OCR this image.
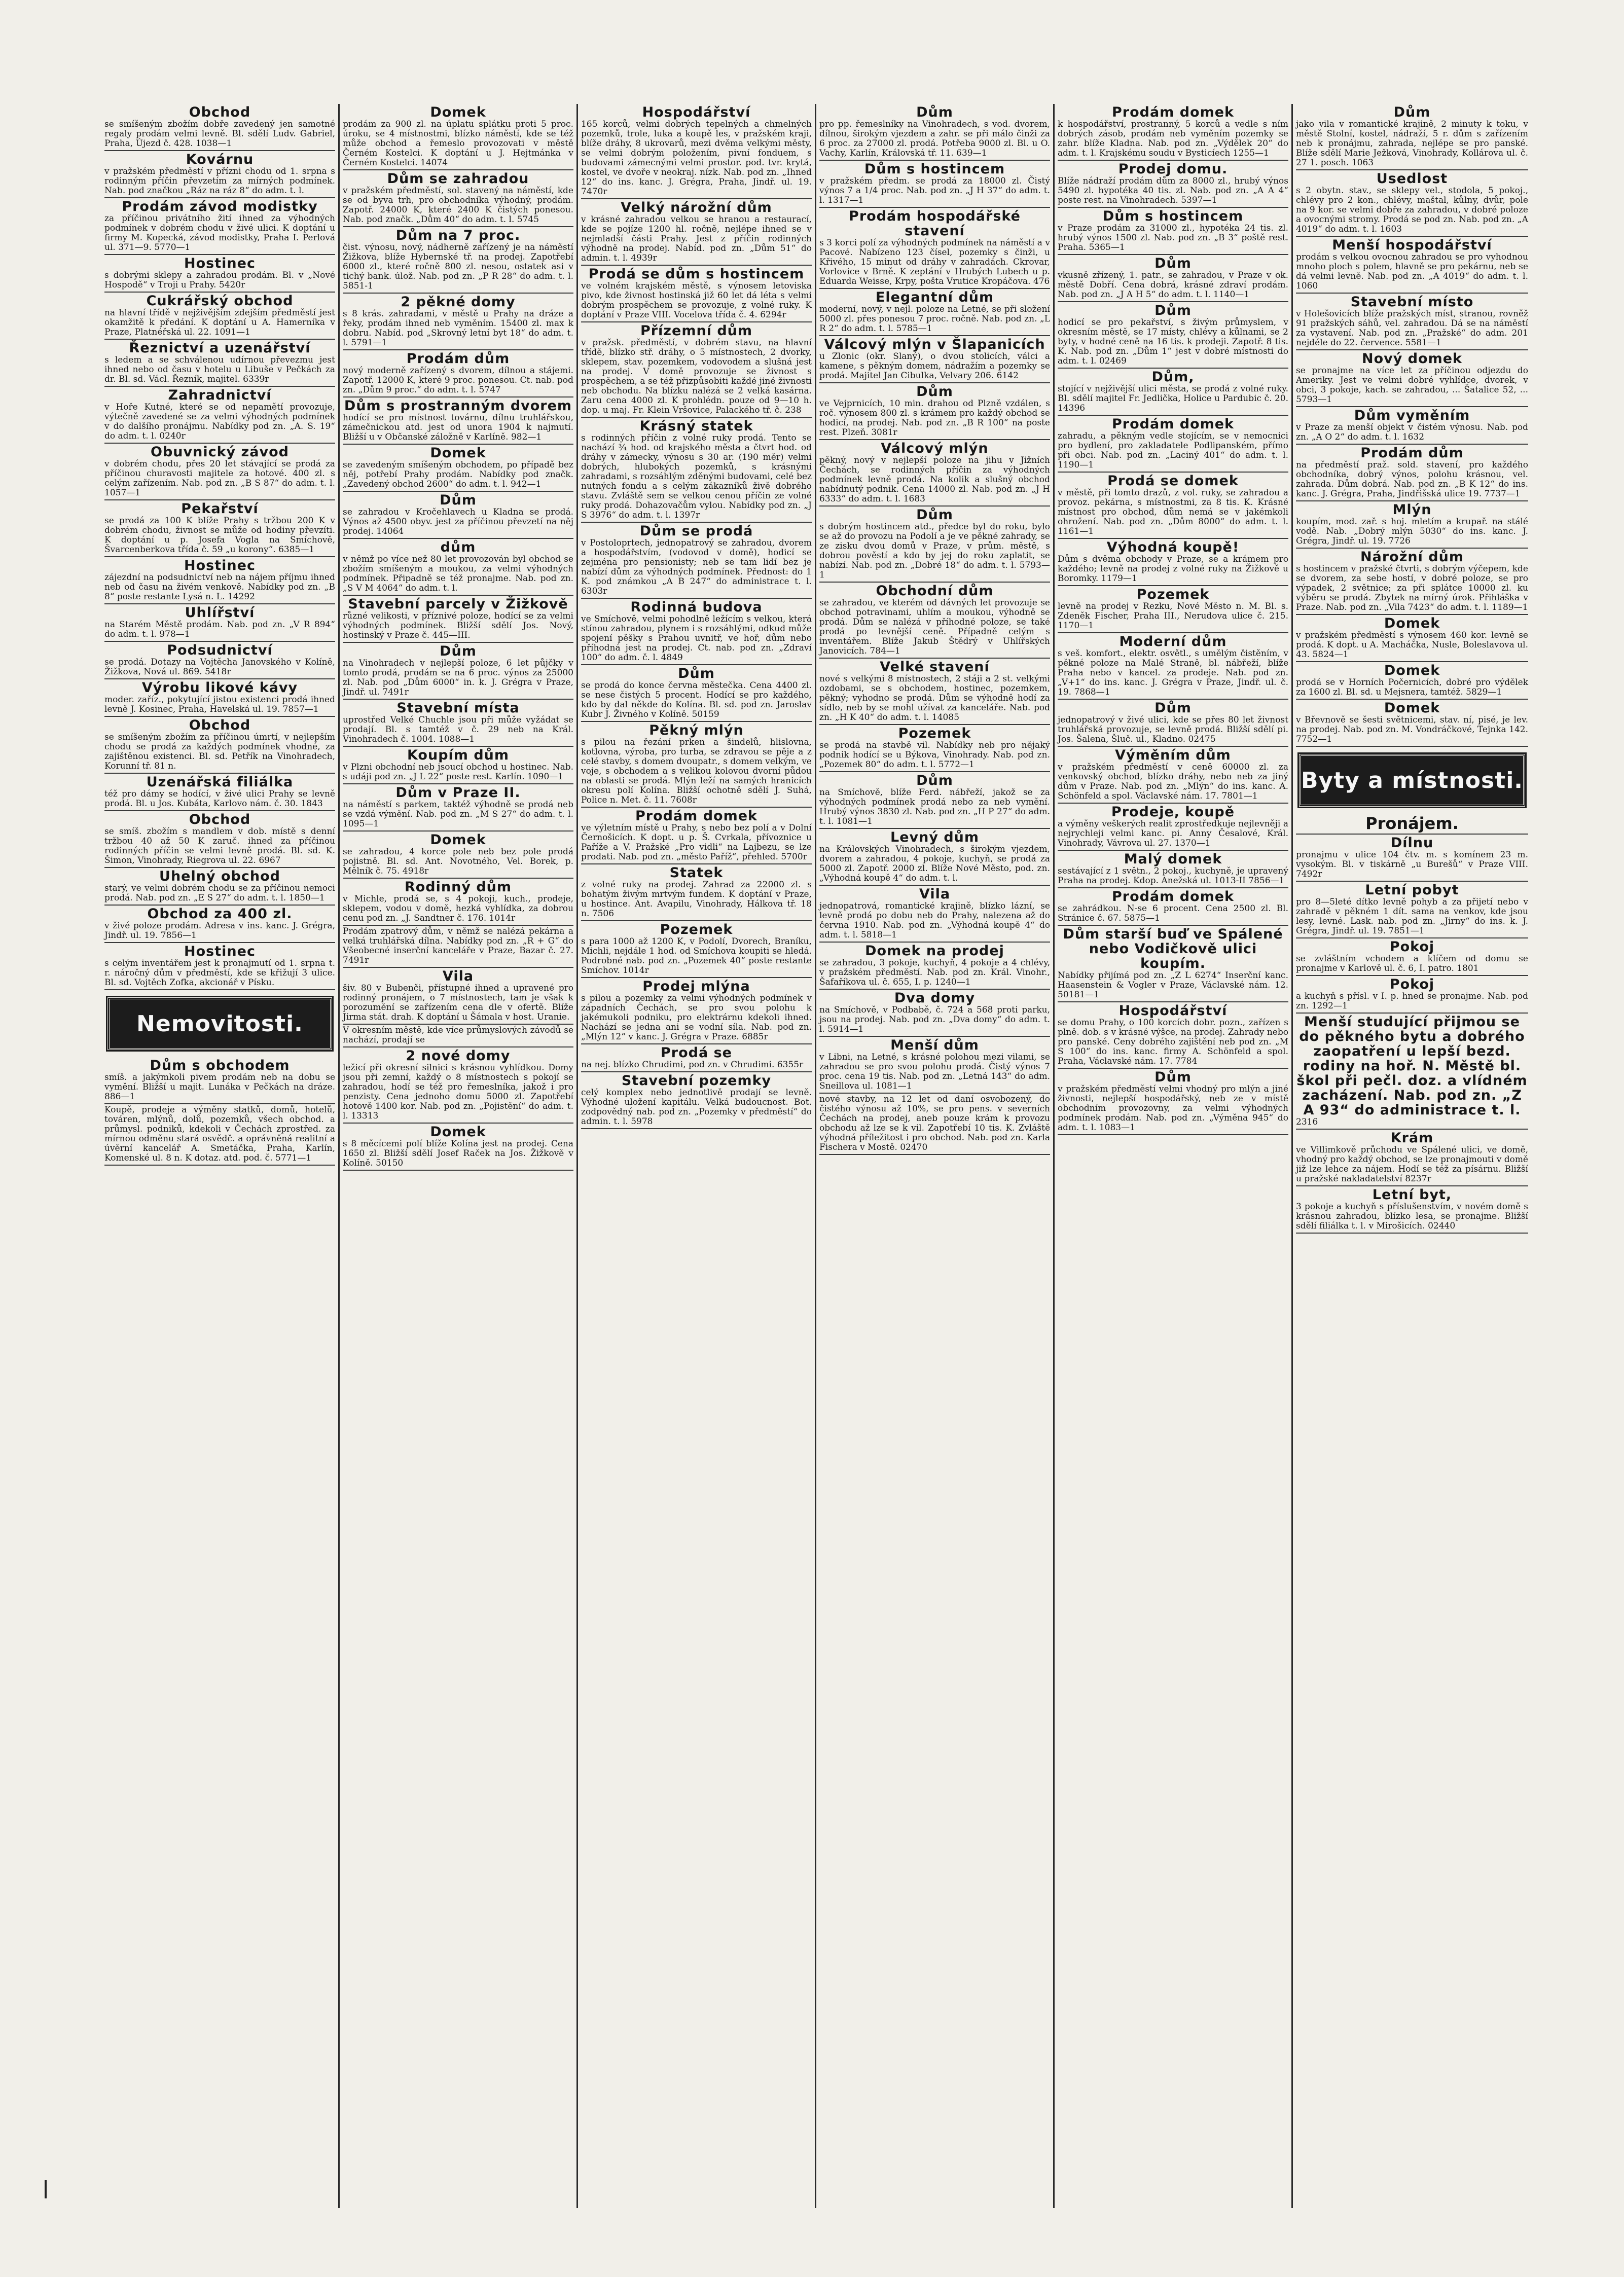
Obchod

se smíšeným zbožím dobře zavedený jen samotné regaly prodám velmi levně. Bl. sdělí Ludv. Gabriel, Praha, Újezd č. 428. 1038—1

Kovárnu

v pražském předměstí v přízni chodu od 1. srpna s rodinným příčin převzetím za mírných podmínek. Nab. pod značkou „Ráz na ráz 8“ do adm. t. l.

Prodám závod modistky

za příčinou privátního žití ihned za výhodných podmínek v dobrém chodu v živé ulici. K doptání u firmy M. Kopecká, závod modistky, Praha I. Perlová ul. 371—9. 5770—1

Hostinec

s dobrými sklepy a zahradou prodám. Bl. v „Nové Hospodě“ v Troji u Prahy. 5420r

Cukrářský obchod

na hlavní třídě v nejživějším zdejším předměstí jest okamžitě k předání. K doptání u A. Hamerníka v Praze, Platnéřská ul. 22. 1091—1

Řeznictví a uzenářství

s ledem a se schválenou udírnou převezmu jest ihned nebo od času v hotelu u Libuše v Pečkách za dr. Bl. sd. Václ. Řezník, majitel. 6339r

Zahradnictví

v Hoře Kutné, které se od nepamětí provozuje, výtečně zavedené se za velmi výhodných podmínek v do dalšího pronájmu. Nabídky pod zn. „A. S. 19“ do adm. t. l. 0240r

Obuvnický závod

v dobrém chodu, přes 20 let stávající se prodá za příčinou churavosti majitele za hotové. 400 zl. s celým zařízením. Nab. pod zn. „B S 87“ do adm. t. l. 1057—1

Pekařství

se prodá za 100 K blíže Prahy s tržbou 200 K v dobrém chodu, živnost se může od hodiny převzíti. K doptání u p. Josefa Vogla na Smíchově, Švarcenberkova třída č. 59 „u korony“. 6385—1

Hostinec

zájezdní na podsudnictví neb na nájem příjmu ihned neb od času na živém venkově. Nabídky pod zn. „B 8“ poste restante Lysá n. L. 14292

Uhlířství

na Starém Městě prodám. Nab. pod zn. „V R 894“ do adm. t. l. 978—1

Podsudnictví

se prodá. Dotazy na Vojtěcha Janovského v Kolíně, Žižkova, Nová ul. 869. 5418r

Výrobu likové kávy

moder. zaříz., pokytující jistou existenci prodá ihned levně J. Kosinec, Praha, Havelská ul. 19. 7857—1

Obchod

se smíšeným zbožím za příčinou úmrtí, v nejlepším chodu se prodá za každých podmínek vhodné, za zajištěnou existenci. Bl. sd. Petřík na Vinohradech, Korunní tř. 81 n.

Uzenářská filiálka

též pro dámy se hodící, v živé ulici Prahy se levně prodá. Bl. u Jos. Kubáta, Karlovo nám. č. 30. 1843

Obchod

se smíš. zbožím s mandlem v dob. místě s denní tržbou 40 až 50 K zaruč. ihned za příčinou rodinných příčin se velmi levně prodá. Bl. sd. K. Šimon, Vinohrady, Riegrova ul. 22. 6967

Uhelný obchod

starý, ve velmi dobrém chodu se za příčinou nemoci prodá. Nab. pod zn. „E S 27“ do adm. t. l. 1850—1

Obchod za 400 zl.

v živé poloze prodám. Adresa v ins. kanc. J. Grégra, Jindř. ul. 19. 7856—1

Hostinec

s celým inventářem jest k pronajmutí od 1. srpna t. r. náročný dům v předměstí, kde se křižují 3 ulice. Bl. sd. Vojtěch Zofka, akcionář v Písku.

Nemovitosti.
Dům s obchodem

smíš. a jakýmkoli pivem prodám neb na dobu se vymění. Bližší u majit. Lunáka v Pečkách na dráze. 886—1

Koupě, prodeje a výměny statků, domů, hotelů, továren, mlýnů, dolů, pozemků, všech obchod. a průmysl. podniků, kdekoli v Čechách zprostřed. za mírnou odměnu stará osvědč. a oprávněná realitní a úvěrní kancelář A. Smetáčka, Praha, Karlín, Komenské ul. 8 n. K dotaz. atd. pod. č. 5771—1

Domek

prodám za 900 zl. na úplatu splátku proti 5 proc. úroku, se 4 místnostmi, blízko náměstí, kde se též může obchod a řemeslo provozovati v městě Černém Kostelci. K doptání u J. Hejtmánka v Černém Kostelci. 14074

Dům se zahradou

v pražském předměstí, sol. stavený na náměstí, kde se od byva trh, pro obchodníka výhodný, prodám. Zapotř. 24000 K, které 2400 K čistých ponesou. Nab. pod značk. „Dům 40“ do adm. t. l. 5745

Dům na 7 proc.

čist. výnosu, nový, nádherně zařízený je na náměstí Žižkova, blíže Hybernské tř. na prodej. Zapotřebí 6000 zl., které ročně 800 zl. nesou, ostatek asi v tichý bank. úlož. Nab. pod zn. „P R 28“ do adm. t. l. 5851-1

2 pěkné domy

s 8 krás. zahradami, v městě u Prahy na dráze a řeky, prodám ihned neb vyměním. 15400 zl. max k dobru. Nabíd. pod „Skrovný letní byt 18“ do adm. t. l. 5791—1

Prodám dům

nový moderně zařízený s dvorem, dílnou a stájemi. Zapotř. 12000 K, které 9 proc. ponesou. Ct. nab. pod zn. „Dům 9 proc.“ do adm. t. l. 5747

Dům s prostranným dvorem

hodící se pro místnost továrnu, dílnu truhlářskou, zámečnickou atd. jest od unora 1904 k najmutí. Bližší u v Občanské záložně v Karlíně. 982—1

Domek

se zavedeným smíšeným obchodem, po případě bez něj, potřebí Prahy prodám. Nabídky pod značk. „Zavedený obchod 2600“ do adm. t. l. 942—1

Dům

se zahradou v Kročehlavech u Kladna se prodá. Výnos až 4500 obyv. jest za příčinou převzetí na něj prodej. 14064

dům

v němž po více než 80 let provozován byl obchod se zbožím smíšeným a moukou, za velmi výhodných podmínek. Připadně se též pronajme. Nab. pod zn. „S V M 4064“ do adm. t. l.

Stavební parcely v Žižkově

různé velikosti, v příznivé poloze, hodící se za velmi výhodných podmínek. Bližší sdělí Jos. Nový, hostinský v Praze č. 445—III.

Dům

na Vinohradech v nejlepší poloze, 6 let půjčky v tomto prodá, prodám se na 6 proc. výnos za 25000 zl. Nab. pod „Dům 6000“ in. k. J. Grégra v Praze, Jindř. ul. 7491r

Stavební místa

uprostřed Velké Chuchle jsou při může vyžádat se prodají. Bl. s tamtéž v č. 29 neb na Král. Vinohradech č. 1004. 1088—1

Koupím dům

v Plzni obchodní neb jsoucí obchod u hostinec. Nab. s udáji pod zn. „J L 22“ poste rest. Karlín. 1090—1

Dům v Praze II.

na náměstí s parkem, taktéž výhodně se prodá neb se vzdá výmění. Nab. pod zn. „M S 27“ do adm. t. l. 1095—1

Domek

se zahradou, 4 korce pole neb bez pole prodá pojistně. Bl. sd. Ant. Novotného, Vel. Borek, p. Mělník č. 75. 4918r

Rodinný dům

v Michle, prodá se, s 4 pokoji, kuch., prodeje, sklepem, vodou v domě, hezká vyhlídka, za dobrou cenu pod zn. „J. Sandtner č. 176. 1014r

Prodám zpatrový dům, v němž se nalézá pekárna a velká truhlářská dílna. Nabídky pod zn. „R + G“ do Všeobecné inserční kanceláře v Praze, Bazar č. 27. 7491r

Vila

šiv. 80 v Bubenči, přístupné ihned a upravené pro rodinný pronájem, o 7 místnostech, tam je však k porozumění se zařízením cena dle v ofertě. Blíže Jirma stát. drah. K doptání u Šámala v host. Uranie.

V okresním městě, kde více průmyslových závodů se nachází, prodají se

2 nové domy

ležicí při okresní silnici s krásnou vyhlídkou. Domy jsou při zemní, každý o 8 místnostech s pokojí se zahradou, hodí se též pro řemeslníka, jakož i pro penzisty. Cena jednoho domu 5000 zl. Zapotřebí hotově 1400 kor. Nab. pod zn. „Pojistění“ do adm. t. l. 13313

Domek

s 8 měcícemi polí blíže Kolína jest na prodej. Cena 1650 zl. Bližší sdělí Josef Raček na Jos. Žižkově v Kolíně. 50150

Hospodářství

165 korců, velmi dobrých tepelných a chmelných pozemků, trole, luka a koupě les, v pražském kraji, blíže dráhy, 8 ukrovarů, mezi dvěma velkými městy, se velmi dobrým položením, pivní fonduem, s budovami zámecnými velmi prostor. pod. tvr. krytá, kostel, ve dvoře v neokraj. nízk. Nab. pod zn. „Ihned 12“ do ins. kanc. J. Grégra, Praha, Jindř. ul. 19. 7470r

Velký nárožní dům

v krásné zahradou velkou se hranou a restaurací, kde se pojíze 1200 hl. ročně, nejlépe ihned se v nejmladší části Prahy. Jest z příčin rodinných výhodně na prodej. Nabíd. pod zn. „Dům 51“ do admin. t. l. 4939r

Prodá se dům s hostincem

ve volném krajském městě, s výnosem letoviska pivo, kde živnost hostinská již 60 let dá léta s velmi dobrým prospěchem se provozuje, z volné ruky. K doptání v Praze VIII. Vocelova třída č. 4. 6294r

Přízemní dům

v pražsk. předměstí, v dobrém stavu, na hlavní třídě, blízko stř. dráhy, o 5 místnostech, 2 dvorky, sklepem, stav. pozemkem, vodovodem a slušná jest na prodej. V domě provozuje se živnost s prospěchem, a se též přizpůsobiti každé jiné živnosti neb obchodu. Na blízku nalézá se 2 velká kasárna. Zaru cena 4000 zl. K prohlédn. pouze od 9—10 h. dop. u maj. Fr. Klein Vršovice, Palackého tř. č. 238

Krásný statek

s rodinných příčin z volné ruky prodá. Tento se nachází ¾ hod. od krajského města a čtvrt hod. od dráhy v zámecky, výnosu s 30 ar. (190 měr) velmi dobrých, hlubokých pozemků, s krásnými zahradami, s rozsáhlým zděnými budovami, celé bez nutných fondu a s celým zákazníků živě dobrého stavu. Zvláště sem se velkou cenou příčin ze volné ruky prodá. Dohazovačům vylou. Nabídky pod zn. „J S 3976“ do adm. t. l. 1397r

Dům se prodá

v Postoloprtech, jednopatrový se zahradou, dvorem a hospodářstvím, (vodovod v domě), hodicí se zejména pro pensionisty; neb se tam lidí bez je nabízí dům za výhodných podmínek. Přednost: do 1 K. pod známkou „A B 247“ do administrace t. l. 6303r

Rodinná budova

ve Smíchově, velmi pohodlně ležícím s velkou, která stínou zahradou, plynem i s rozsáhlými, odkud může spojení pěšky s Prahou uvnitř, ve hoř, dům nebo příhodná jest na prodej. Ct. nab. pod zn. „Zdraví 100“ do adm. č. l. 4849

Dům

se prodá do konce června městečka. Cena 4400 zl. se nese čistých 5 procent. Hodící se pro každého, kdo by dal někde do Kolína. Bl. sd. pod zn. Jaroslav Kubr J. Živného v Kolíně. 50159

Pěkný mlýn

s pilou na řezání prken a šindelů, hlislovna, kotlovna, výroba, pro turba, se zdravou se pěje a z celé stavby, s domem dvoupatr., s domem velkým, ve voje, s obchodem a s velikou kolovou dvorní půdou na oblasti se prodá. Mlýn leží na samých hranicích okresu polí Kolína. Bližší ochotně sdělí J. Suhá, Police n. Met. č. 11. 7608r

Prodám domek

ve výletním místě u Prahy, s nebo bez polí a v Dolní Černošicích. K dopt. u p. Š. Cvrkala, přívoznice u Paříže a V. Pražské „Pro vidli“ na Lajbezu, se lze prodati. Nab. pod zn. „město Paříž“, přehled. 5700r

Statek

z volné ruky na prodej. Zahrad za 22000 zl. s bohatým živým mrtvým fundem. K doptání v Praze, u hostince. Ant. Avapilu, Vinohrady, Hálkova tř. 18 n. 7506

Pozemek

s para 1000 až 1200 K, v Podolí, Dvorech, Braníku, Michli, nejdále 1 hod. od Smíchova koupiti se hledá. Podrobné nab. pod zn. „Pozemek 40“ poste restante Smíchov. 1014r

Prodej mlýna

s pilou a pozemky za velmi výhodných podmínek v západních Čechách, se pro svou polohu k jakémukoli podniku, pro elektrárnu kdekoli ihned. Nachází se jedna ani se vodní síla. Nab. pod zn. „Mlýn 12“ v kanc. J. Grégra v Praze. 6885r

Prodá se

na nej. blízko Chrudimi, pod zn. v Chrudimi. 6355r

Stavební pozemky

celý komplex nebo jednotlivě prodají se levně. Výhodné uložení kapitálu. Velká budoucnost. Bot. zodpovědný nab. pod zn. „Pozemky v předměstí“ do admin. t. l. 5978

Dům

pro pp. řemeslníky na Vinohradech, s vod. dvorem, dílnou, širokým vjezdem a zahr. se při málo činži za 6 proc. za 27000 zl. prodá. Potřeba 9000 zl. Bl. u O. Vachy, Karlín, Královská tř. 11. 639—1

Dům s hostincem

v pražském předm. se prodá za 18000 zl. Čistý výnos 7 a 1/4 proc. Nab. pod zn. „J H 37“ do adm. t. l. 1317—1

Prodám hospodářské stavení

s 3 korci polí za výhodných podmínek na náměstí a v Pacové. Nabízeno 123 čísel, pozemky s činži, u Křivého, 15 minut od dráhy v zahradách. Ckrovar, Vorlovice v Brně. K zeptání v Hrubých Lubech u p. Eduarda Weisse, Krpy, pošta Vrutice Kropáčova. 476

Elegantní dům

moderní, nový, v nejl. poloze na Letné, se při složení 5000 zl. přes ponesou 7 proc. ročně. Nab. pod zn. „L R 2“ do adm. t. l. 5785—1

Válcový mlýn v Šlapanicích

u Zlonic (okr. Slaný), o dvou stolicích, válci a kamene, s pěkným domem, nádražím a pozemky se prodá. Majitel Jan Cibulka, Velvary 206. 6142

Dům

ve Vejprnicích, 10 min. drahou od Plzně vzdálen, s roč. výnosem 800 zl. s krámem pro každý obchod se hodicí, na prodej. Nab. pod zn. „B R 100“ na poste rest. Plzeň. 3081r

Válcový mlýn

pěkný, nový v nejlepší poloze na jihu v Jižních Čechách, se rodinných příčin za výhodných podmínek levně prodá. Na kolik a slušný obchod nabídnutý podnik. Cena 14000 zl. Nab. pod zn. „J H 6333“ do adm. t. l. 1683

Dům

s dobrým hostincem atd., předce byl do roku, bylo se až do provozu na Podolí a je ve pěkné zahrady, se ze zisku dvou domů v Praze, v prům. městě, s dobrou pověstí a kdo by jej do roku zaplatit, se nabízí. Nab. pod zn. „Dobré 18“ do adm. t. l. 5793—1

Obchodní dům

se zahradou, ve kterém od dávných let provozuje se obchod potravinami, uhlím a moukou, výhodně se prodá. Dům se nalézá v příhodné poloze, se také prodá po levnější ceně. Případně celým s inventářem. Blíže Jakub Štědrý v Uhlířských Janovicích. 784—1

Velké stavení

nové s velkými 8 místnostech, 2 stáji a 2 st. velkými ozdobami, se s obchodem, hostinec, pozemkem, pěkný; vyhodno se prodá. Dům se výhodně hodí za sídlo, neb by se mohl užívat za kanceláře. Nab. pod zn. „H K 40“ do adm. t. l. 14085

Pozemek

se prodá na stavbě vil. Nabídky neb pro nějaký podnik hodící se u Býkova, Vinohrady. Nab. pod zn. „Pozemek 80“ do adm. t. l. 5772—1

Dům

na Smíchově, blíže Ferd. nábřeží, jakož se za výhodných podmínek prodá nebo za neb vymění. Hrubý výnos 3830 zl. Nab. pod zn. „H P 27“ do adm. t. l. 1081—1

Levný dům

na Královských Vinohradech, s širokým vjezdem, dvorem a zahradou, 4 pokoje, kuchyň, se prodá za 5000 zl. Zapotř. 2000 zl. Blíže Nové Město, pod. zn. „Výhodná koupě 4“ do adm. t. l.

Vila

jednopatrová, romantické krajině, blízko lázní, se levně prodá po dobu neb do Prahy, nalezena až do června 1910. Nab. pod zn. „Výhodná koupě 4“ do adm. t. l. 5818—1

Domek na prodej

se zahradou, 3 pokoje, kuchyň, 4 pokoje a 4 chlévy, v pražském předměstí. Nab. pod zn. Král. Vinohr., Šafaříkova ul. č. 655, I. p. 1240—1

Dva domy

na Smíchově, v Podbabě, č. 724 a 568 proti parku, jsou na prodej. Nab. pod zn. „Dva domy“ do adm. t. l. 5914—1

Menší dům

v Libni, na Letné, s krásné polohou mezi vilami, se zahradou se pro svou polohu prodá. Čistý výnos 7 proc. cena 19 tis. Nab. pod zn. „Letná 143“ do adm. Sneillova ul. 1081—1

nové stavby, na 12 let od daní osvobozený, do čistého výnosu až 10%, se pro pens. v severních Čechách na prodej, aneb pouze krám k provozu obchodu až lze se k vil. Zapotřebí 10 tis. K. Zvláště výhodná příležitost i pro obchod. Nab. pod zn. Karla Fischera v Mostě. 02470

Prodám domek

k hospodářství, prostranný, 5 korců a vedle s ním dobrých zásob, prodám neb vyměním pozemky se zahr. blíže Kladna. Nab. pod zn. „Výdělek 20“ do adm. t. l. Krajskému soudu v Bysticíech 1255—1

Prodej domu.

Blíže nádraží prodám dům za 8000 zl., hrubý výnos 5490 zl. hypotéka 40 tis. zl. Nab. pod zn. „A A 4“ poste rest. na Vinohradech. 5397—1

Dům s hostincem

v Praze prodám za 31000 zl., hypotéka 24 tis. zl. hrubý výnos 1500 zl. Nab. pod zn. „B 3“ poště rest. Praha. 5365—1

Dům

vkusně zřízený, 1. patr., se zahradou, v Praze v ok. městě Dobří. Cena dobrá, krásné zdraví prodám. Nab. pod zn. „J A H 5“ do adm. t. l. 1140—1

Dům

hodicí se pro pekařství, s živým průmyslem, v okresním městě, se 17 místy, chlévy a kůlnami, se 2 byty, v hodné ceně na 16 tis. k prodeji. Zapotř. 8 tis. K. Nab. pod zn. „Dům 1“ jest v dobré místnosti do adm. t. l. 02469

Dům,

stojící v nejživější ulici města, se prodá z volné ruky. Bl. sdělí majitel Fr. Jedlička, Holice u Pardubic č. 20. 14396

Prodám domek

zahradu, a pěkným vedle stojícím, se v nemocnici pro bydlení, pro zakladatele Podlipanském, přímo při obci. Nab. pod zn. „Laciný 401“ do adm. t. l. 1190—1

Prodá se domek

v městě, při tomto drazů, z vol. ruky, se zahradou a provoz. pekárna, s místnostmi, za 8 tis. K. Krásné místnost pro obchod, dům nemá se v jakémkoli ohrožení. Nab. pod zn. „Dům 8000“ do adm. t. l. 1161—1

Výhodná koupě!

Dům s dvěma obchody v Praze, se a krámem pro každého; levně na prodej z volné ruky na Žižkově u Boromky. 1179—1

Pozemek

levně na prodej v Rezku, Nové Město n. M. Bl. s. Zdeněk Fischer, Praha III., Nerudova ulice č. 215. 1170—1

Moderní dům

s veš. komfort., elektr. osvětl., s umělým čistěním, v pěkné poloze na Malé Straně, bl. nábřeží, blíže Praha nebo v kancel. za prodeje. Nab. pod zn. „V+1“ do ins. kanc. J. Grégra v Praze, Jindř. ul. č. 19. 7868—1

Dům

jednopatrový v živé ulici, kde se přes 80 let živnost truhlářská provozuje, se levně prodá. Bližší sdělí pi. Jos. Šalena, Šluč. ul., Kladno. 02475

Výměním dům

v pražském předměstí v ceně 60000 zl. za venkovský obchod, blízko dráhy, nebo neb za jiný dům v Praze. Nab. pod zn. „Mlýn“ do ins. kanc. A. Schönfeld a spol. Václavské nám. 17. 7801—1

Prodeje, koupě

a výměny veškerých realit zprostředkuje nejlevněji a nejrychleji velmi kanc. pi. Anny Česalové, Král. Vinohrady, Vávrova ul. 27. 1370—1

Malý domek

sestávající z 1 světn., 2 pokoj., kuchyně, je upravený Praha na prodej. Kdop. Anežská ul. 1013-II 7856—1

Prodám domek

se zahrádkou. N-se 6 procent. Cena 2500 zl. Bl. Stránice č. 67. 5875—1

Dům starší buď ve Spálené nebo Vodičkově ulici koupím.

Nabídky přijímá pod zn. „Z L 6274“ Inserční kanc. Haasenstein & Vogler v Praze, Václavské nám. 12. 50181—1

Hospodářství

se domu Prahy, o 100 korcích dobr. pozn., zařízen s plně. dob. s v krásné výšce, na prodej. Zahrady nebo pro panské. Ceny dobrého zajištění neb pod zn. „M S 100“ do ins. kanc. firmy A. Schönfeld a spol. Praha, Václavské nám. 17. 7784

Dům

v pražském předměstí velmi vhodný pro mlýn a jiné živnosti, nejlepší hospodářský, neb ze v místě obchodním provozovny, za velmi výhodných podmínek prodám. Nab. pod zn. „Výměna 945“ do adm. t. l. 1083—1

Dům

jako vila v romantické krajině, 2 minuty k toku, v městě Stolní, kostel, nádraží, 5 r. dům s zařízením neb k pronájmu, zahrada, nejlépe se pro panské. Blíže sdělí Marie Ježková, Vinohrady, Kollárova ul. č. 27 1. posch. 1063

Usedlost

s 2 obytn. stav., se sklepy vel., stodola, 5 pokoj., chlévy pro 2 kon., chlévy, maštal, kůlny, dvůr, pole na 9 kor. se velmi dobře za zahradou, v dobré poloze a ovocnými stromy. Prodá se pod zn. Nab. pod zn. „A 4019“ do adm. t. l. 1603

Menší hospodářství

prodám s velkou ovocnou zahradou se pro vyhodnou mnoho ploch s polem, hlavně se pro pekárnu, neb se dá velmi levně. Nab. pod zn. „A 4019“ do adm. t. l. 1060

Stavební místo

v Holešovicích blíže pražských míst, stranou, rovněž 91 pražských sáhů, vel. zahradou. Dá se na náměstí za vystavení. Nab. pod zn. „Pražské“ do adm. 201 nejdéle do 22. července. 5581—1

Nový domek

se pronajme na více let za příčinou odjezdu do Ameriky. Jest ve velmi dobré vyhlídce, dvorek, v obci, 3 pokoje, kach. se zahradou, ... Šatalice 52, ... 5793—1

Dům vyměním

v Praze za menší objekt v čistém výnosu. Nab. pod zn. „A O 2“ do adm. t. l. 1632

Prodám dům

na předměstí praž. sold. stavení, pro každého obchodníka, dobrý výnos, polohu krásnou, vel. zahrada. Dům dobrá. Nab. pod zn. „B K 12“ do ins. kanc. J. Grégra, Praha, Jindřišská ulice 19. 7737—1

Mlýn

koupím, mod. zař. s hoj. mletím a krupař. na stálé vodě. Nab. „Dobrý mlýn 5030“ do ins. kanc. J. Grégra, Jindř. ul. 19. 7726

Nárožní dům

s hostincem v pražské čtvrti, s dobrým výčepem, kde se dvorem, za sebe hostí, v dobré poloze, se pro výpadek, 2 světnice; za při splátce 10000 zl. ku výběru se prodá. Zbytek na mírný úrok. Přihláška v Praze. Nab. pod zn. „Vila 7423“ do adm. t. l. 1189—1

Domek

v pražském předměstí s výnosem 460 kor. levně se prodá. K dopt. u A. Macháčka, Nusle, Boleslavova ul. 43. 5824—1

Domek

prodá se v Horních Počernicích, dobré pro výdělek za 1600 zl. Bl. sd. u Mejsnera, tamtéž. 5829—1

Domek

v Břevnově se šesti světnicemi, stav. ní, pisé, je lev. na prodej. Nab. pod zn. M. Vondráčkové, Tejnka 142. 7752—1

Byty a místnosti.
Pronájem.
Dílnu

pronajmu v ulice 104 čtv. m. s komínem 23 m. vysokým. Bl. v tiskárně „u Burešů“ v Praze VIII. 7492r

Letní pobyt

pro 8—5leté dítko levně pohyb a za přijetí nebo v zahradě v pěkném 1 dít. sama na venkov, kde jsou lesy, levné. Lask. nab. pod zn. „Jirny“ do ins. k. J. Grégra, Jindř. ul. 19. 7851—1

Pokoj

se zvláštním vchodem a klíčem od domu se pronajme v Karlově ul. č. 6, I. patro. 1801

Pokoj

a kuchyň s přísl. v I. p. hned se pronajme. Nab. pod zn. 1292—1

Menší studující přijmou se do pěkného bytu a dobrého zaopatření u lepší bezd. rodiny na hoř. N. Městě bl. škol při pečl. doz. a vlídném zacházení. Nab. pod zn. „Z A 93“ do administrace t. l.

2316

Krám

ve Villimkově průchodu ve Spálené ulici, ve domě, vhodný pro každý obchod, se lze pronajmouti v domě již lze lehce za nájem. Hodí se též za písárnu. Bližší u pražské nakladatelství 8237r

Letní byt,

3 pokoje a kuchyň s příslušenstvím, v novém domě s krásnou zahradou, blízko lesa, se pronajme. Bližší sdělí filiálka t. l. v Mirošicích. 02440
